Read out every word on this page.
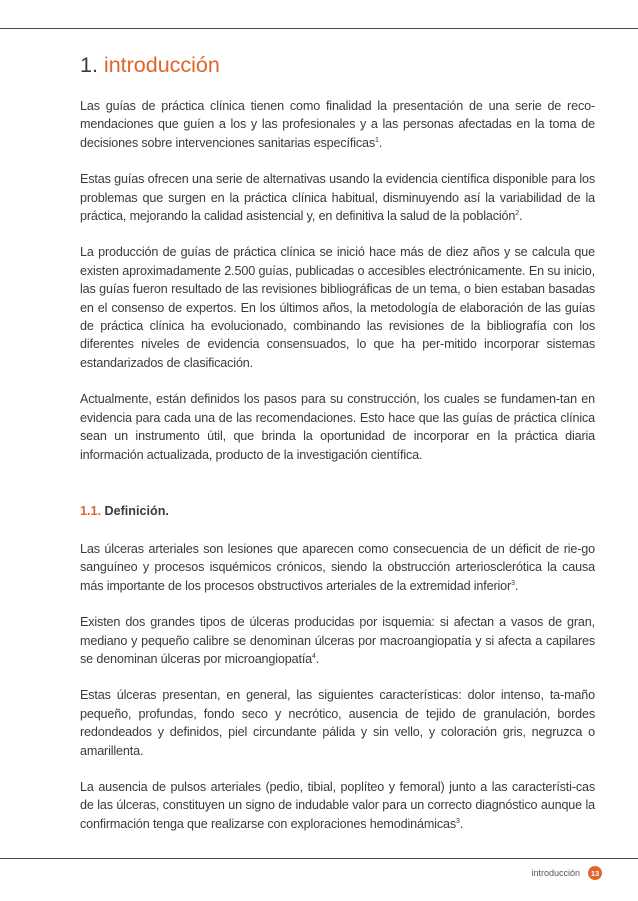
1. introducción

Las guías de práctica clínica tienen como finalidad la presentación de una serie de reco-mendaciones que guíen a los y las profesionales y a las personas afectadas en la toma de decisiones sobre intervenciones sanitarias específicas$^1$.

Estas guías ofrecen una serie de alternativas usando la evidencia científica disponible para los problemas que surgen en la práctica clínica habitual, disminuyendo así la variabilidad de la práctica, mejorando la calidad asistencial y, en definitiva la salud de la población$^2$.

La producción de guías de práctica clínica se inició hace más de diez años y se calcula que existen aproximadamente 2.500 guías, publicadas o accesibles electrónicamente. En su inicio, las guías fueron resultado de las revisiones bibliográficas de un tema, o bien estaban basadas en el consenso de expertos. En los últimos años, la metodología de elaboración de las guías de práctica clínica ha evolucionado, combinando las revisiones de la bibliografía con los diferentes niveles de evidencia consensuados, lo que ha per-mitido incorporar sistemas estandarizados de clasificación.

Actualmente, están definidos los pasos para su construcción, los cuales se fundamen-tan en evidencia para cada una de las recomendaciones. Esto hace que las guías de práctica clínica sean un instrumento útil, que brinda la oportunidad de incorporar en la práctica diaria información actualizada, producto de la investigación científica.

1.1. Definición.

Las úlceras arteriales son lesiones que aparecen como consecuencia de un déficit de rie-go sanguíneo y procesos isquémicos crónicos, siendo la obstrucción arteriosclerótica la causa más importante de los procesos obstructivos arteriales de la extremidad inferior$^3$.

Existen dos grandes tipos de úlceras producidas por isquemia: si afectan a vasos de gran, mediano y pequeño calibre se denominan úlceras por macroangiopatía y si afecta a capilares se denominan úlceras por microangiopatía$^4$.

Estas úlceras presentan, en general, las siguientes características: dolor intenso, ta-maño pequeño, profundas, fondo seco y necrótico, ausencia de tejido de granulación, bordes redondeados y definidos, piel circundante pálida y sin vello, y coloración gris, negruzca o amarillenta.

La ausencia de pulsos arteriales (pedio, tibial, poplíteo y femoral) junto a las característi-cas de las úlceras, constituyen un signo de indudable valor para un correcto diagnóstico aunque la confirmación tenga que realizarse con exploraciones hemodinámicas$^3$.

introducción	13
